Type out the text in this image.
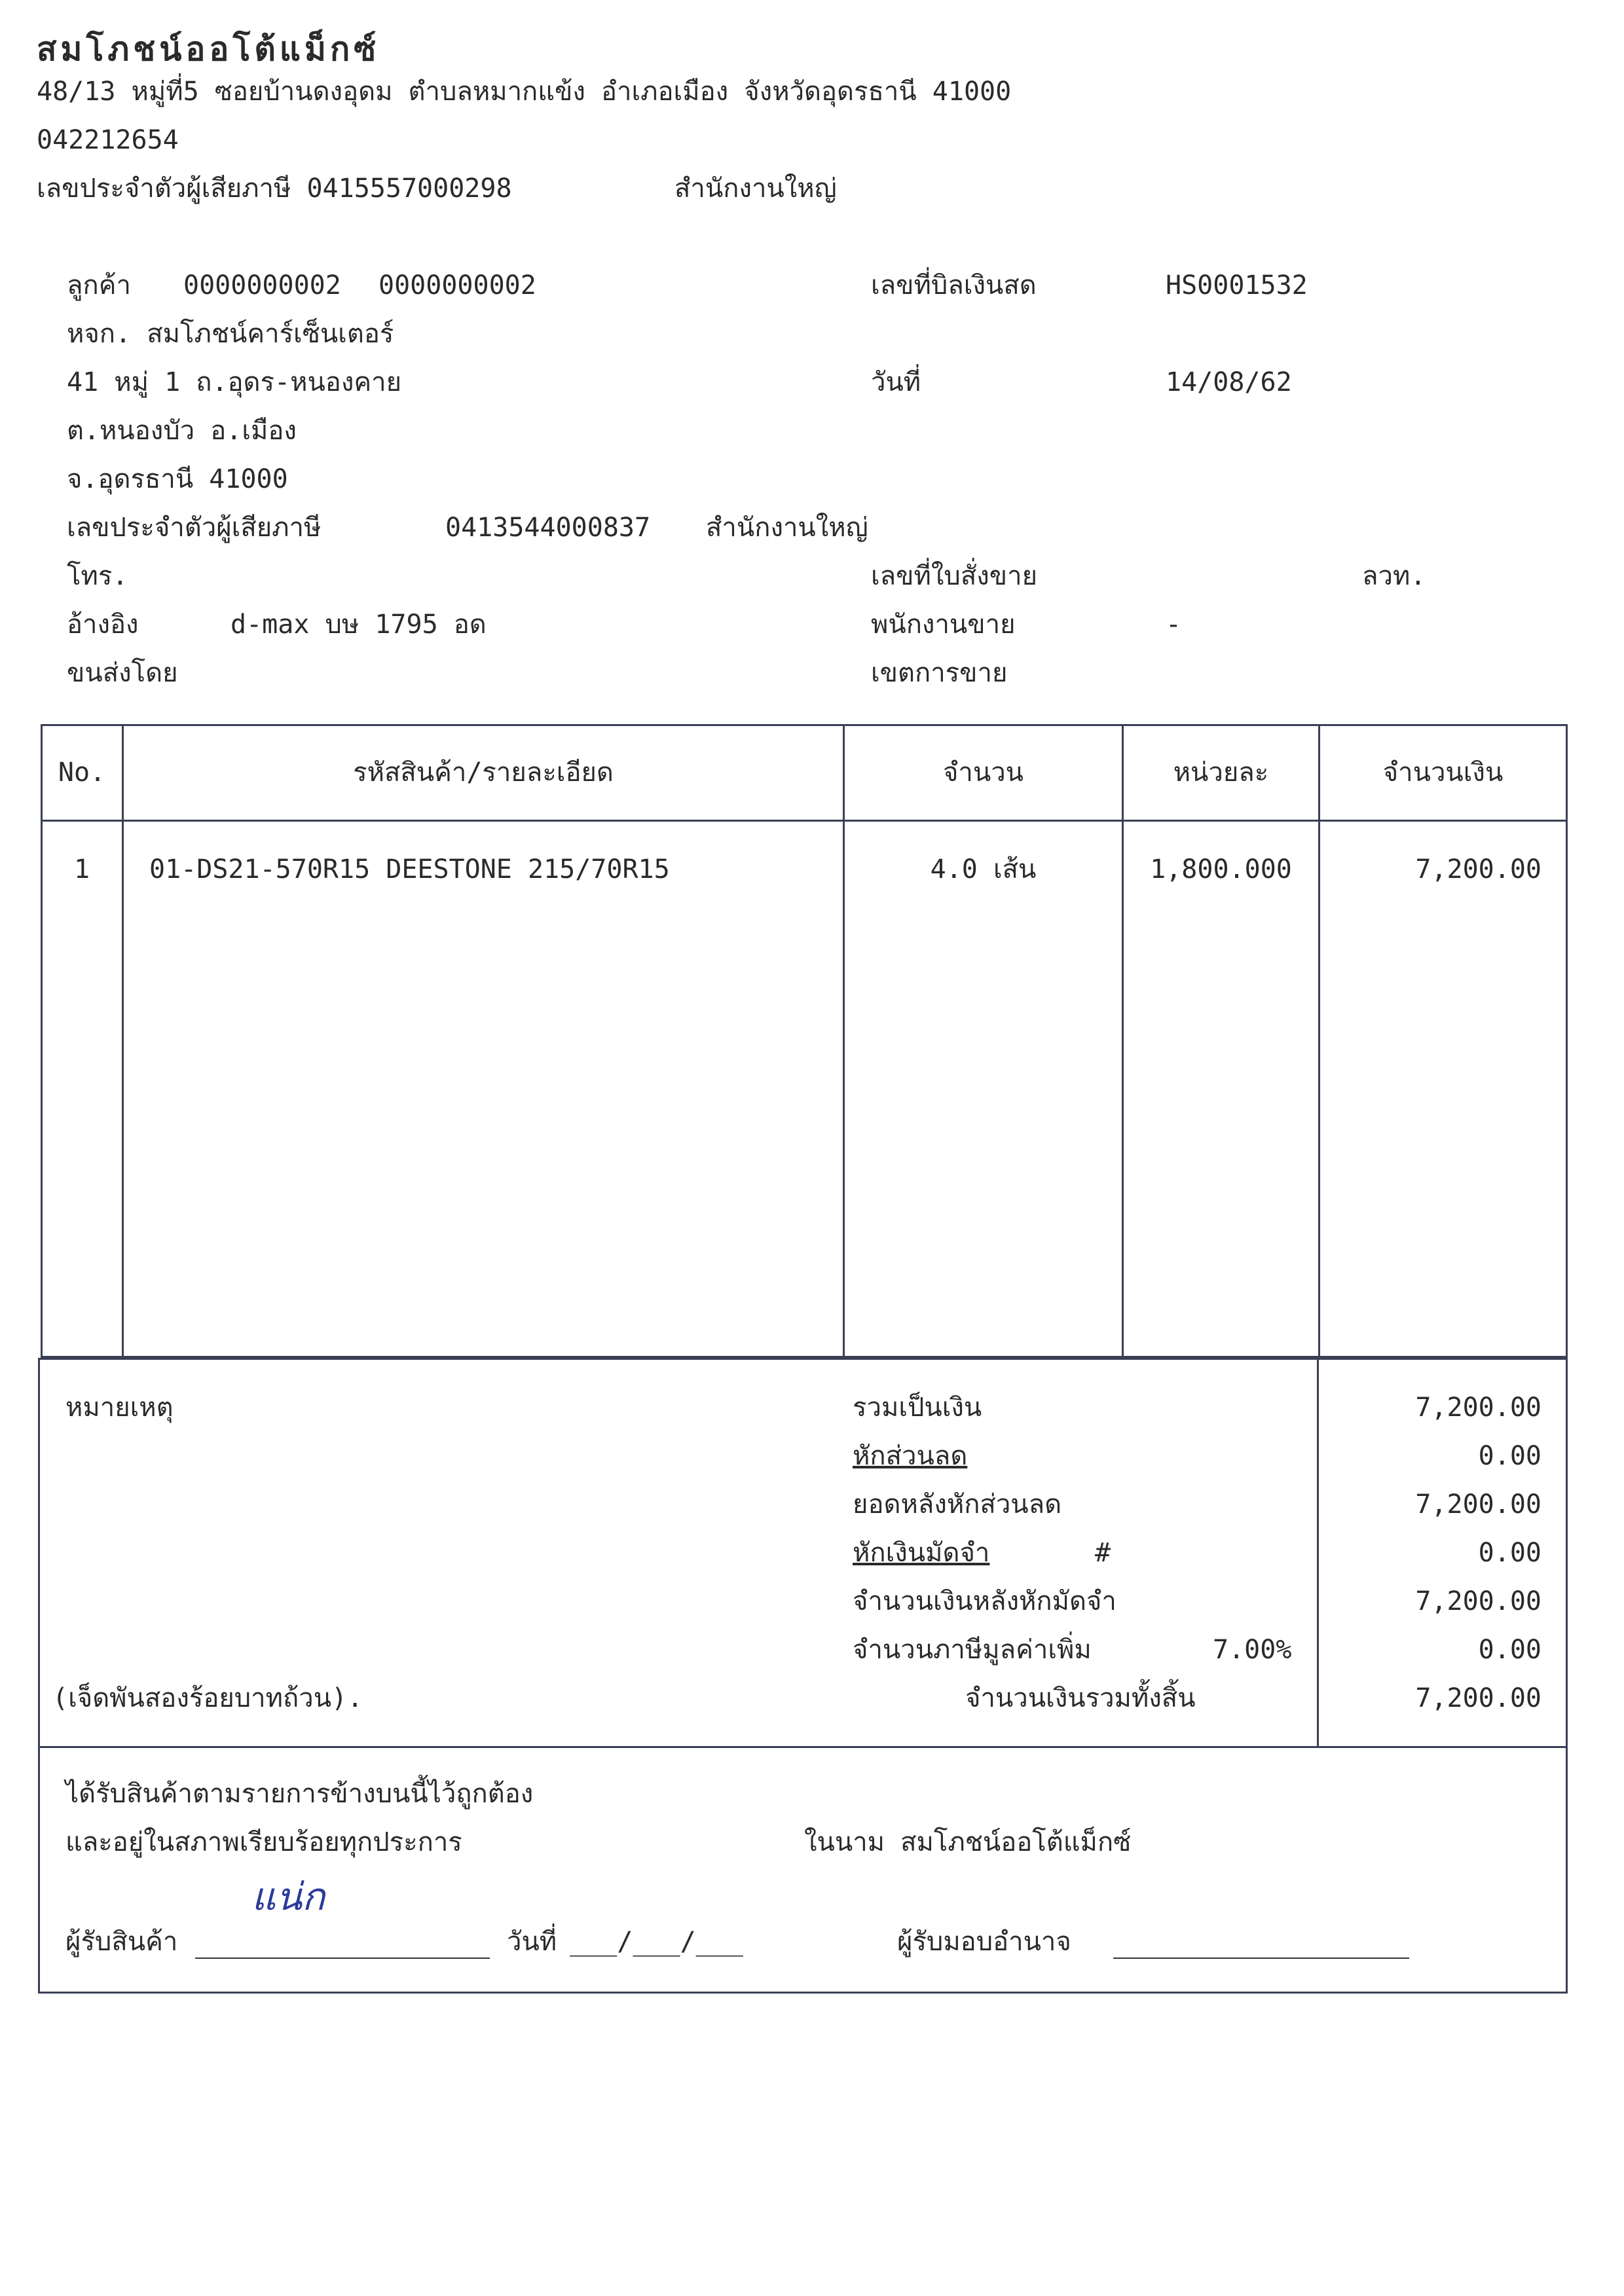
สมโภชน์ออโต้แม็กซ์
48/13 หมู่ที่5 ซอยบ้านดงอุดม ตำบลหมากแข้ง อำเภอเมือง จังหวัดอุดรธานี 41000
042212654
เลขประจำตัวผู้เสียภาษี 0415557000298	สำนักงานใหญ่
ลูกค้า 0000000002 0000000002
หจก. สมโภชน์คาร์เซ็นเตอร์
41 หมู่ 1 ถ.อุดร-หนองคาย
ต.หนองบัว อ.เมือง
จ.อุดรธานี 41000
เลขประจำตัวผู้เสียภาษี	0413544000837 สำนักงานใหญ่
โทร.
อ้างอิง	d-max บษ 1795 อด
ขนส่งโดย
เลขที่บิลเงินสด	HS0001532
วันที่	14/08/62
เลขที่ใบสั่งขาย	ลวท.
พนักงานขาย	-
เขตการขาย
No.	รหัสสินค้า/รายละเอียด	จำนวน	หน่วยละ	จำนวนเงิน
1	01-DS21-570R15 DEESTONE 215/70R15	4.0 เส้น	1,800.000	7,200.00
หมายเหตุ
(เจ็ดพันสองร้อยบาทถ้วน).
รวมเป็นเงิน	7,200.00
หักส่วนลด	0.00
ยอดหลังหักส่วนลด	7,200.00
หักเงินมัดจำ	#	0.00
จำนวนเงินหลังหักมัดจำ	7,200.00
จำนวนภาษีมูลค่าเพิ่ม	7.00%	0.00
จำนวนเงินรวมทั้งสิ้น	7,200.00
ได้รับสินค้าตามรายการข้างบนนี้ไว้ถูกต้อง
และอยู่ในสภาพเรียบร้อยทุกประการ	ในนาม สมโภชน์ออโต้แม็กซ์
ผู้รับสินค้า
แน่ก
วันที่ ___/___/___	ผู้รับมอบอำนาจ
